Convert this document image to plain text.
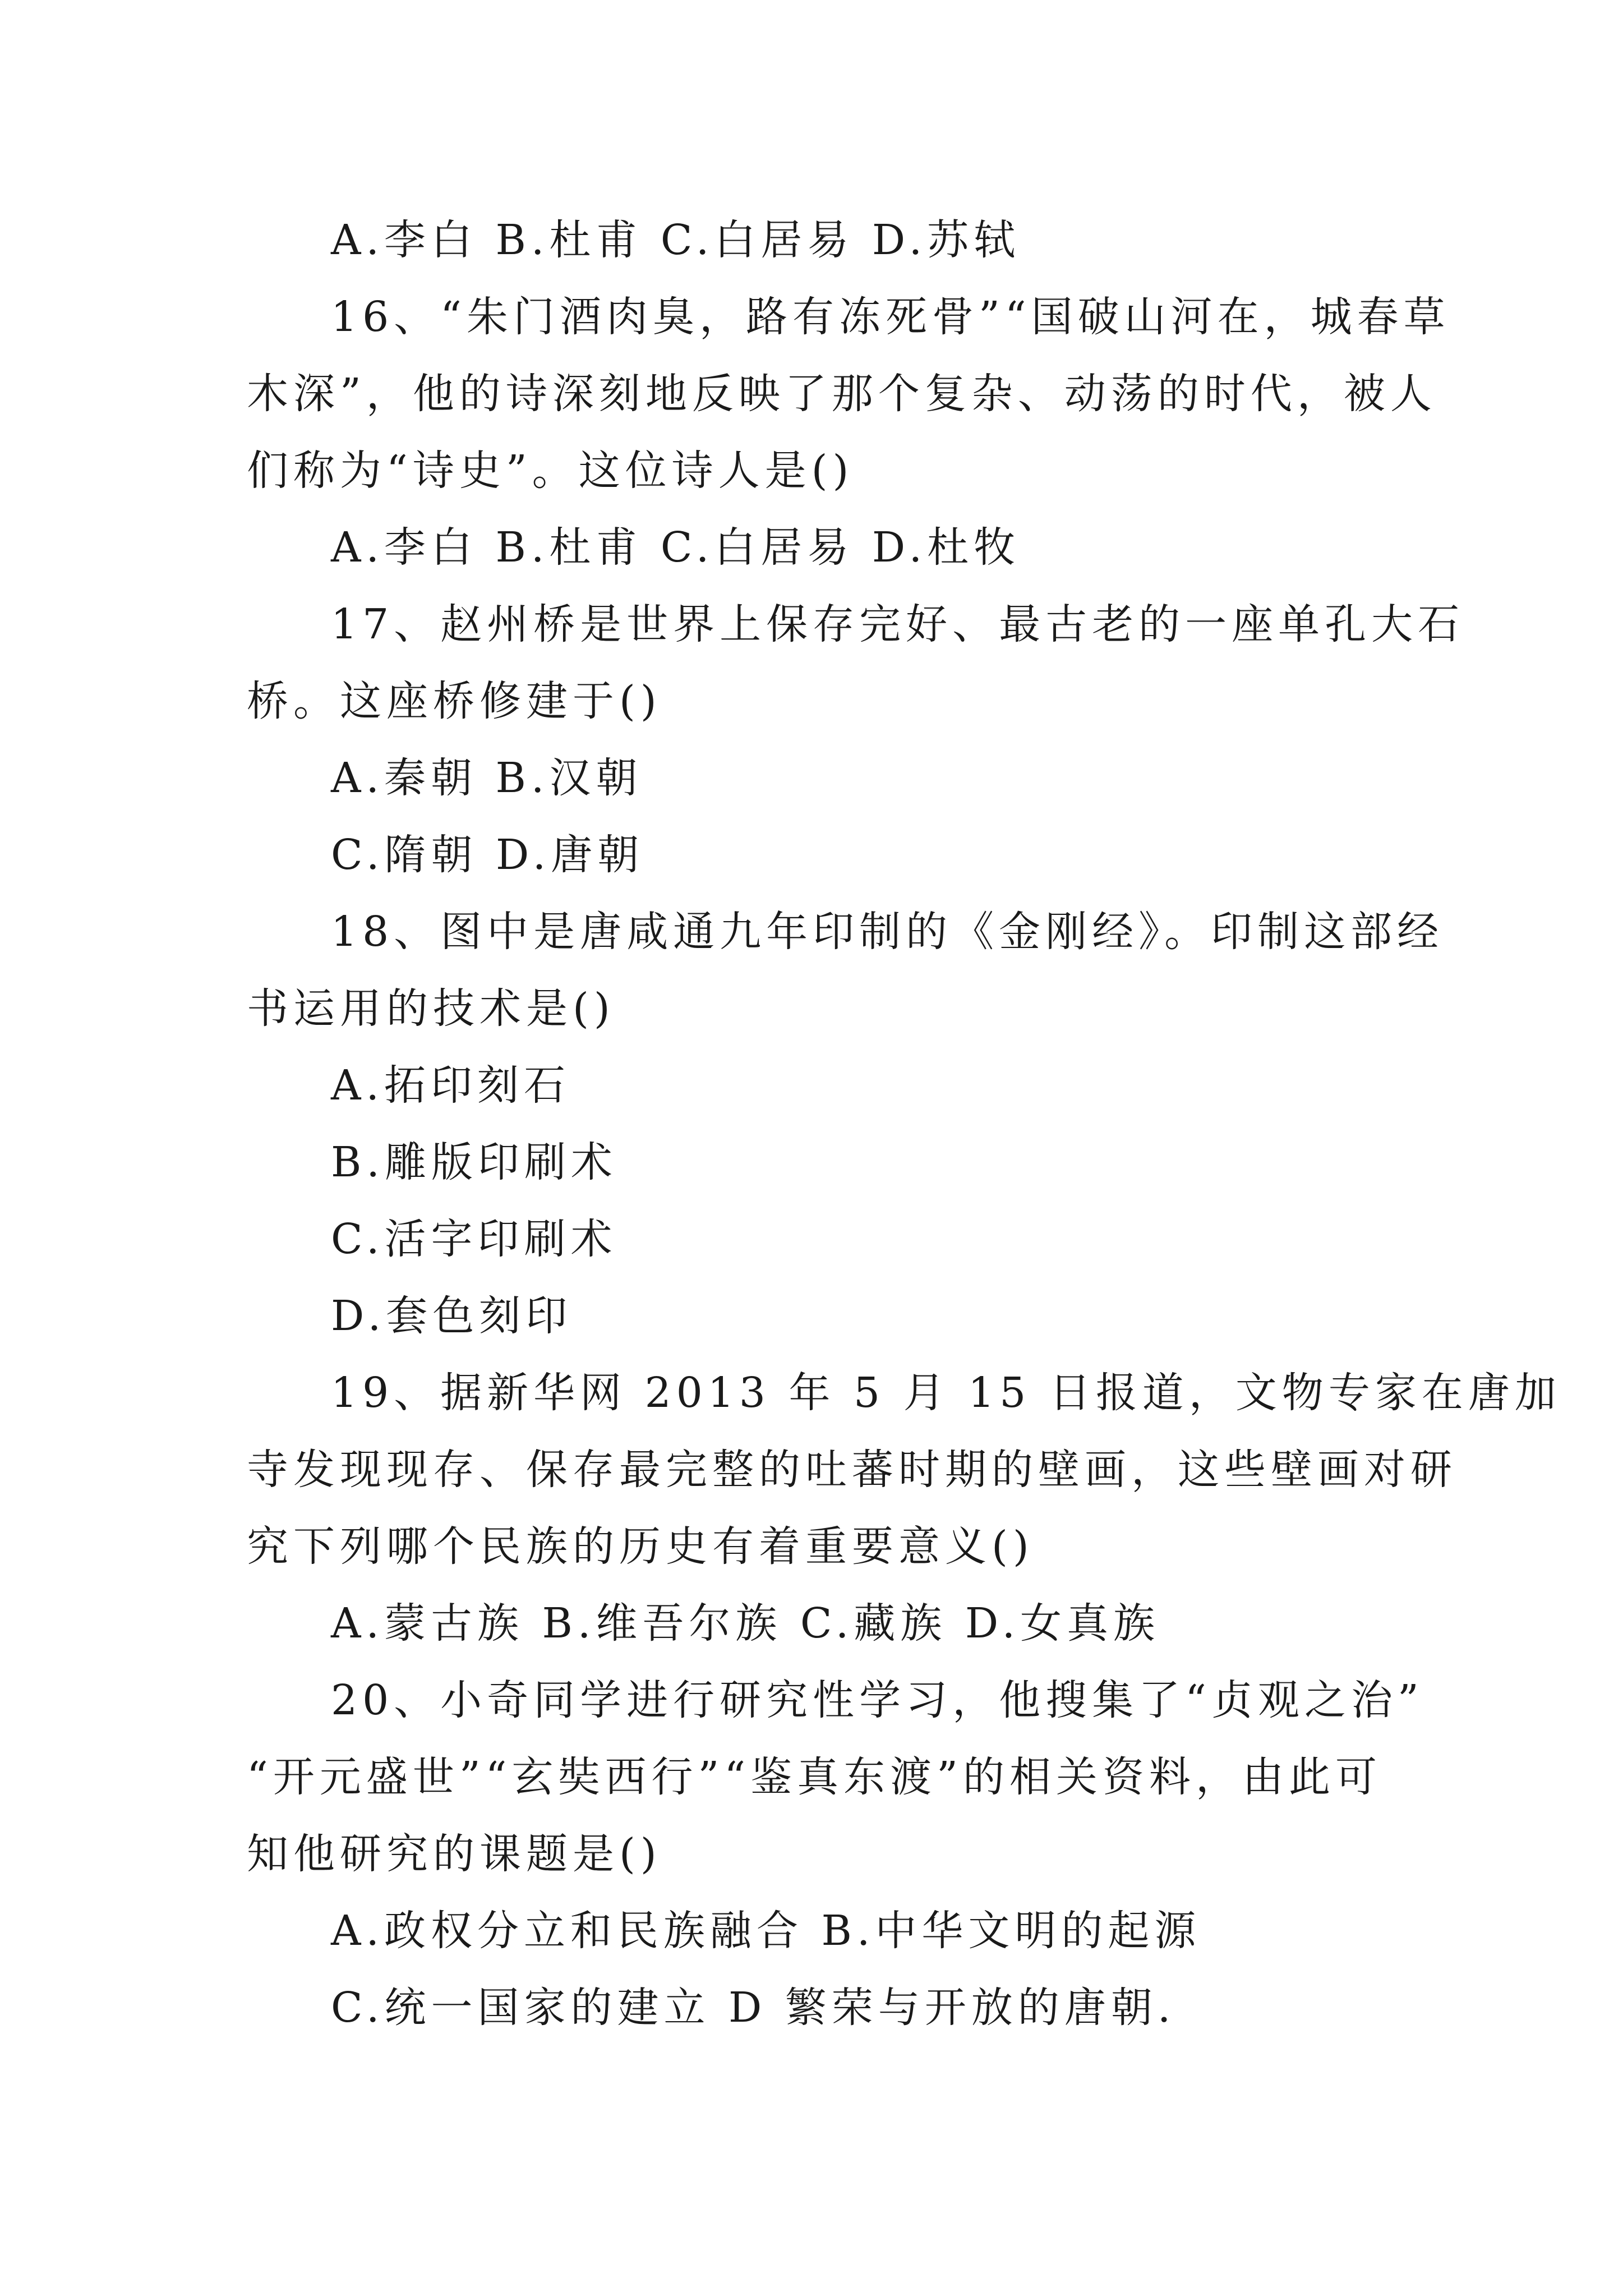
A.李白 B.杜甫 C.白居易 D.苏轼
16、“朱门酒肉臭，路有冻死骨”“国破山河在，城春草
木深”，他的诗深刻地反映了那个复杂、动荡的时代，被人
们称为“诗史”。这位诗人是()
A.李白 B.杜甫 C.白居易 D.杜牧
17、赵州桥是世界上保存完好、最古老的一座单孔大石
桥。这座桥修建于()
A.秦朝 B.汉朝
C.隋朝 D.唐朝
18、图中是唐咸通九年印制的《金刚经》。印制这部经
书运用的技术是()
A.拓印刻石
B.雕版印刷术
C.活字印刷术
D.套色刻印
19、据新华网 2013 年 5 月 15 日报道，文物专家在唐加
寺发现现存、保存最完整的吐蕃时期的壁画，这些壁画对研
究下列哪个民族的历史有着重要意义()
A.蒙古族 B.维吾尔族 C.藏族 D.女真族
20、小奇同学进行研究性学习，他搜集了“贞观之治”
“开元盛世”“玄奘西行”“鉴真东渡”的相关资料，由此可
知他研究的课题是()
A.政权分立和民族融合 B.中华文明的起源
C.统一国家的建立 D 繁荣与开放的唐朝.
